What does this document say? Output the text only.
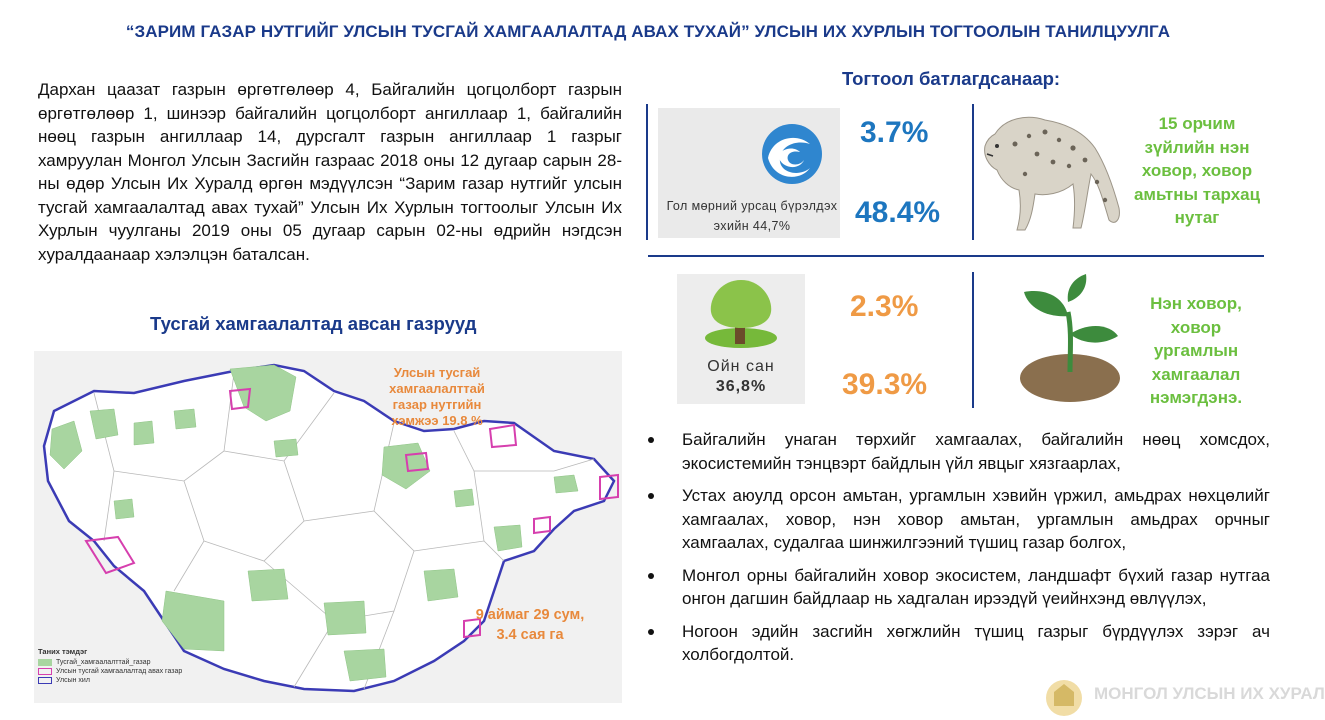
“ЗАРИМ ГАЗАР НУТГИЙГ УЛСЫН ТУСГАЙ ХАМГААЛАЛТАД АВАХ ТУХАЙ” УЛСЫН ИХ ХУРЛЫН ТОГТООЛЫН ТАНИЛЦУУЛГА
Дархан цаазат газрын өргөтгөлөөр 4, Байгалийн цогцолборт газрын өргөтгөлөөр 1, шинээр байгалийн цогцолборт ангиллаар 1, байгалийн нөөц газрын ангиллаар 14, дурсгалт газрын ангиллаар 1 газрыг хамруулан Монгол Улсын Засгийн газраас 2018 оны 12 дугаар сарын 28-ны өдөр Улсын Их Хуралд өргөн мэдүүлсэн “Зарим газар нутгийг улсын тусгай хамгаалалтад авах тухай” Улсын Их Хурлын тогтоолыг Улсын Их Хурлын чуулганы 2019 оны 05 дугаар сарын 02-ны өдрийн нэгдсэн хуралдаанаар хэлэлцэн баталсан.
Тусгай хамгаалалтад авсан газрууд
Улсын тусгай хамгаалалттай газар нутгийн хэмжээ 19.8 %
9 аймаг 29 сум, 3.4 сая га
Таних тэмдэг
Тусгай_хамгаалалттай_газар
Улсын тусгай хамгаалалтад авах газар
Улсын хил
Тогтоол батлагдсанаар:
Гол мөрний урсац бүрэлдэх эхийн 44,7%
3.7%
48.4%
15 орчим зүйлийн нэн ховор, ховор амьтны тархац нутаг
Ойн сан
36,8%
2.3%
39.3%
Нэн ховор, ховор ургамлын хамгаалал нэмэгдэнэ.
Байгалийн унаган төрхийг хамгаалах, байгалийн нөөц хомсдох, экосистемийн тэнцвэрт байдлын үйл явцыг хязгаарлах,
Устах аюулд орсон амьтан, ургамлын хэвийн үржил, амьдрах нөхцөлийг хамгаалах, ховор, нэн ховор амьтан, ургамлын амьдрах орчныг хамгаалах, судалгаа шинжилгээний түшиц газар болгох,
Монгол орны байгалийн ховор экосистем, ландшафт бүхий газар нутгаа онгон дагшин байдлаар нь хадгалан ирээдүй үеийнхэнд өвлүүлэх,
Ногоон эдийн засгийн хөгжлийн түшиц газрыг бүрдүүлэх зэрэг ач холбогдолтой.
МОНГОЛ УЛСЫН ИХ ХУРАЛ
